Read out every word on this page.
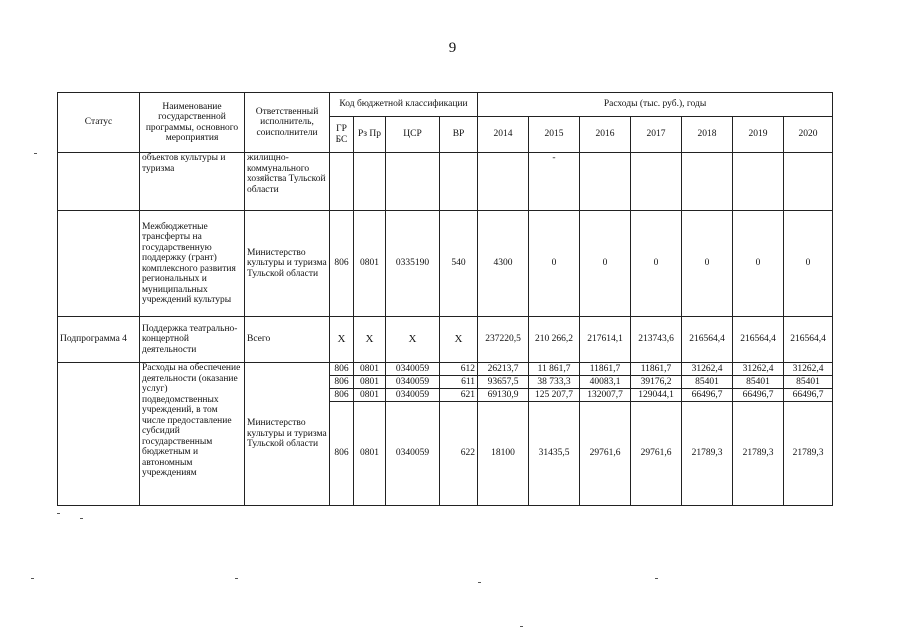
9
Статус	Наименование государственной программы, основного мероприятия	Ответственный исполнитель, соисполнители	Код бюджетной классификации				Расходы (тыс. руб.), годы						
			ГР БС	Рз Пр	ЦСР	ВР	2014	2015	2016	2017	2018	2019	2020
	объектов культуры и туризма	жилищно-коммунального хозяйства Тульской области						-					
	Межбюджетные трансферты на государственную поддержку (грант) комплексного развития региональных и муниципальных учреждений культуры	Министерство культуры и туризма Тульской области	806	0801	0335190	540	4300	0	0	0	0	0	0
Подпрограмма 4	Поддержка театрально-концертной деятельности	Всего	X	X	X	X	237220,5	210 266,2	217614,1	213743,6	216564,4	216564,4	216564,4
	Расходы на обеспечение деятельности (оказание услуг) подведомственных учреждений, в том числе предоставление субсидий государственным бюджетным и автономным учреждениям	Министерство культуры и туризма Тульской области	806	0801	0340059	612	26213,7	11 861,7	11861,7	11861,7	31262,4	31262,4	31262,4
			806	0801	0340059	611	93657,5	38 733,3	40083,1	39176,2	85401	85401	85401
			806	0801	0340059	621	69130,9	125 207,7	132007,7	129044,1	66496,7	66496,7	66496,7
			806	0801	0340059	622	18100	31435,5	29761,6	29761,6	21789,3	21789,3	21789,3
